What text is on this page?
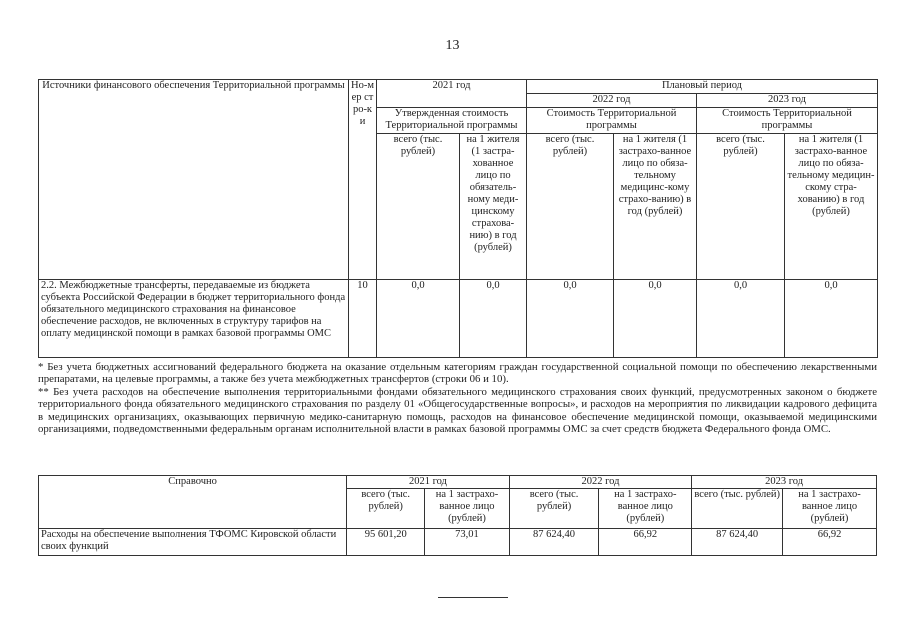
13
Источники финансового обеспечения Территориальной программы	Но-мер стро-ки	2021 год		Плановый период			
				2022 год		2023 год	
		Утвержденная стоимость Территориальной программы		Стоимость Территориальной программы		Стоимость Территориальной программы	
		всего (тыс. рублей)	на 1 жителя (1 застра-хованное лицо по обязатель-ному меди-цинскому страхова-нию) в год (рублей)	всего (тыс. рублей)	на 1 жителя (1 застрахо-ванное лицо по обяза-тельному медицинс-кому страхо-ванию) в год (рублей)	всего (тыс. рублей)	на 1 жителя (1 застрахо-ванное лицо по обяза-тельному медицин-скому стра-хованию) в год (рублей)
2.2. Межбюджетные трансферты, передаваемые из бюджета субъекта Российской Федерации в бюджет территориального фонда обязательного медицинского страхования на финансовое обеспечение расходов, не включенных в структуру тарифов на оплату медицинской помощи в рамках базовой программы ОМС	10	0,0	0,0	0,0	0,0	0,0	0,0

* Без учета бюджетных ассигнований федерального бюджета на оказание отдельным категориям граждан государственной социальной помощи по обеспечению лекарственными препаратами, на целевые программы, а также без учета межбюджетных трансфертов (строки 06 и 10).

** Без учета расходов на обеспечение выполнения территориальными фондами обязательного медицинского страхования своих функций, предусмотренных законом о бюджете территориального фонда обязательного медицинского страхования по разделу 01 «Общегосударственные вопросы», и расходов на мероприятия по ликвидации кадрового дефицита в медицинских организациях, оказывающих первичную медико-санитарную помощь, расходов на финансовое обеспечение медицинской помощи, оказываемой медицинскими организациями, подведомственными федеральным органам исполнительной власти в рамках базовой программы ОМС за счет средств бюджета Федерального фонда ОМС.

Справочно	2021 год		2022 год		2023 год	
	всего (тыс. рублей)	на 1 застрахо-ванное лицо (рублей)	всего (тыс. рублей)	на 1 застрахо-ванное лицо (рублей)	всего (тыс. рублей)	на 1 застрахо-ванное лицо (рублей)
Расходы на обеспечение выполнения ТФОМС Кировской области своих функций	95 601,20	73,01	87 624,40	66,92	87 624,40	66,92
